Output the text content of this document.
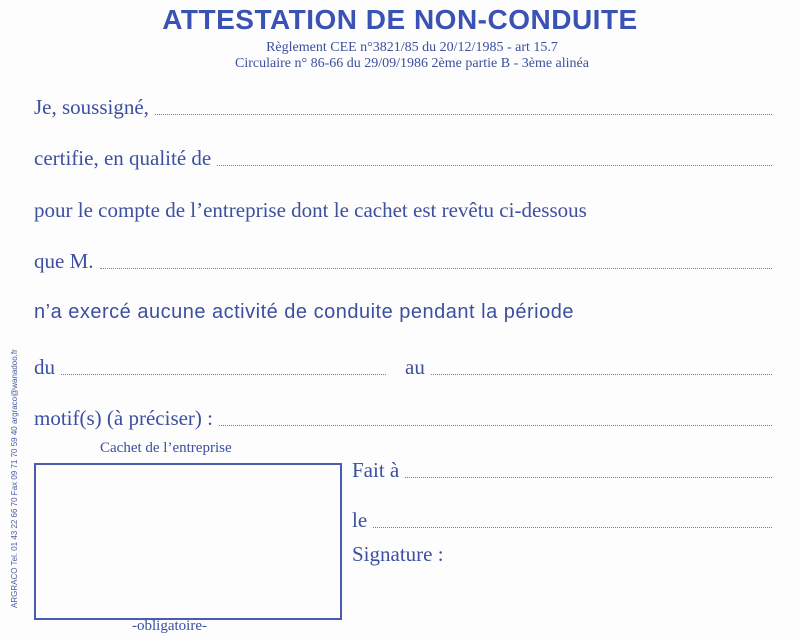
ATTESTATION DE NON-CONDUITE
Règlement CEE n°3821/85 du 20/12/1985 - art 15.7
Circulaire n° 86-66 du 29/09/1986 2ème partie B - 3ème alinéa
Je, soussigné,
certifie, en qualité de
pour le compte de l’entreprise dont le cachet est revêtu ci-dessous
que M.
n’a exercé aucune activité de conduite pendant la période
du	au
motif(s) (à préciser) :
Cachet de l’entreprise
-obligatoire-
Fait à
le
Signature :
ARGRACO Tel. 01 43 22 66 70 Fax 09 71 70 59 40 argraco@wanadoo.fr
